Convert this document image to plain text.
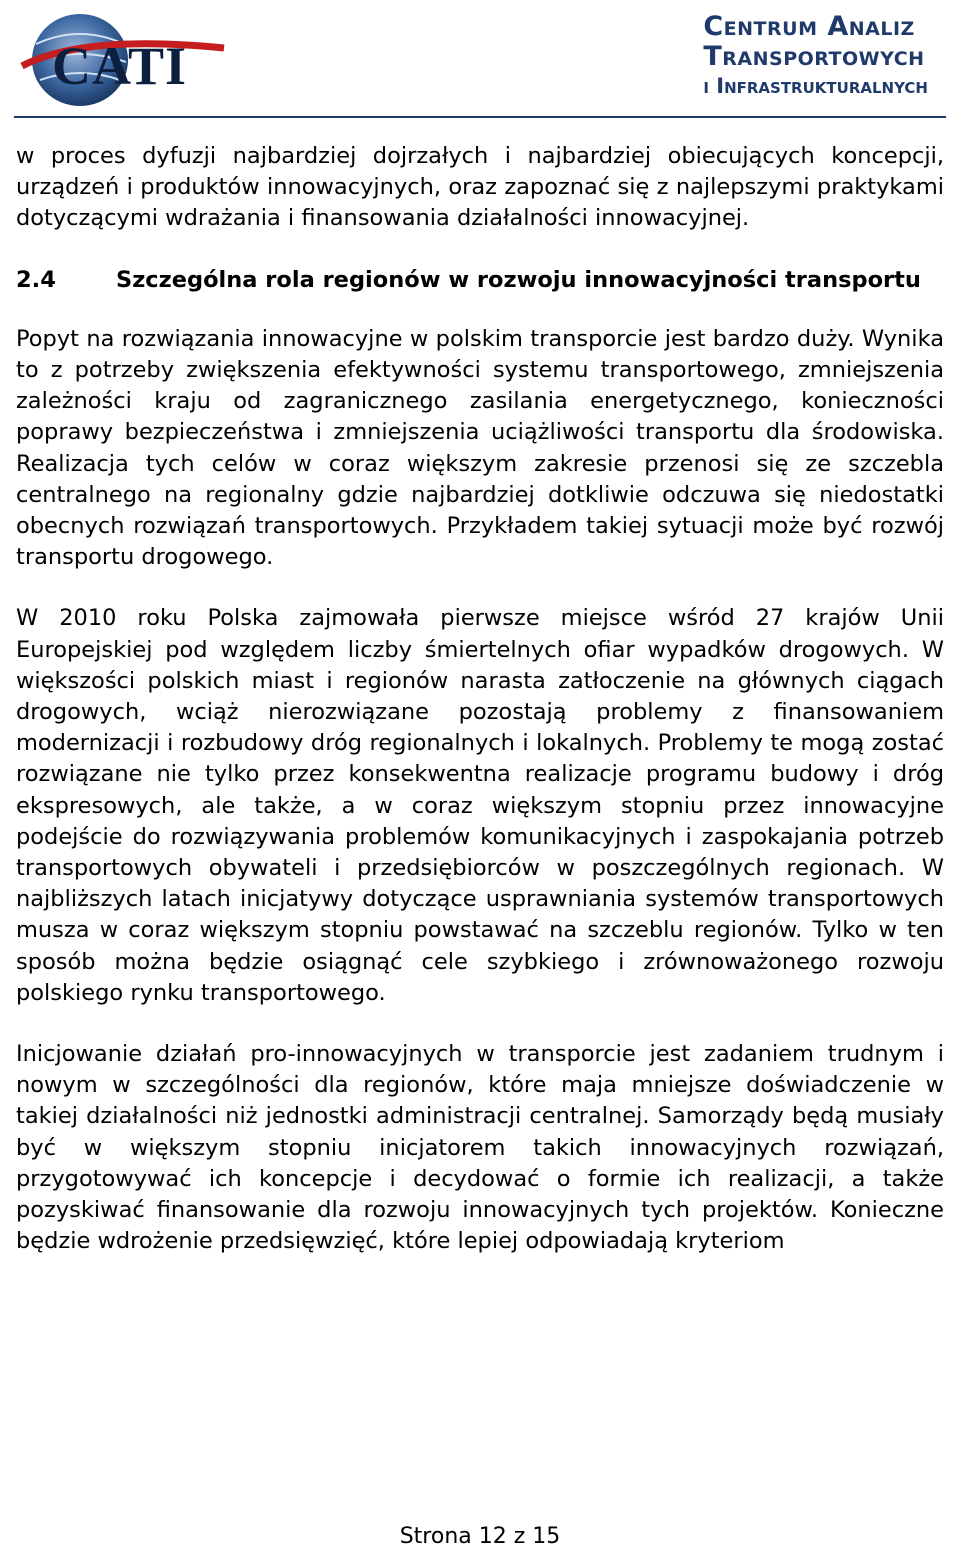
CATI
Centrum Analiz
Transportowych
i Infrastrukturalnych

w proces dyfuzji najbardziej dojrzałych i najbardziej obiecujących koncepcji, urządzeń i produktów innowacyjnych, oraz zapoznać się z najlepszymi praktykami dotyczącymi wdrażania i finansowania działalności innowacyjnej.

2.4	Szczególna rola regionów w rozwoju innowacyjności transportu

Popyt na rozwiązania innowacyjne w polskim transporcie jest bardzo duży. Wynika to z potrzeby zwiększenia efektywności systemu transportowego, zmniejszenia zależności kraju od zagranicznego zasilania energetycznego, konieczności poprawy bezpieczeństwa i zmniejszenia uciążliwości transportu dla środowiska. Realizacja tych celów w coraz większym zakresie przenosi się ze szczebla centralnego na regionalny gdzie najbardziej dotkliwie odczuwa się niedostatki obecnych rozwiązań transportowych. Przykładem takiej sytuacji może być rozwój transportu drogowego.

W 2010 roku Polska zajmowała pierwsze miejsce wśród 27 krajów Unii Europejskiej pod względem liczby śmiertelnych ofiar wypadków drogowych. W większości polskich miast i regionów narasta zatłoczenie na głównych ciągach drogowych, wciąż nierozwiązane pozostają problemy z finansowaniem modernizacji i rozbudowy dróg regionalnych i lokalnych. Problemy te mogą zostać rozwiązane nie tylko przez konsekwentna realizacje programu budowy i dróg ekspresowych, ale także, a w coraz większym stopniu przez innowacyjne podejście do rozwiązywania problemów komunikacyjnych i zaspokajania potrzeb transportowych obywateli i przedsiębiorców w poszczególnych regionach. W najbliższych latach inicjatywy dotyczące usprawniania systemów transportowych musza w coraz większym stopniu powstawać na szczeblu regionów. Tylko w ten sposób można będzie osiągnąć cele szybkiego i zrównoważonego rozwoju polskiego rynku transportowego.

Inicjowanie działań pro-innowacyjnych w transporcie jest zadaniem trudnym i nowym w szczególności dla regionów, które maja mniejsze doświadczenie w takiej działalności niż jednostki administracji centralnej. Samorządy będą musiały być w większym stopniu inicjatorem takich innowacyjnych rozwiązań, przygotowywać ich koncepcje i decydować o formie ich realizacji, a także pozyskiwać finansowanie dla rozwoju innowacyjnych tych projektów. Konieczne będzie wdrożenie przedsięwzięć, które lepiej odpowiadają kryteriom

Strona 12 z 15
